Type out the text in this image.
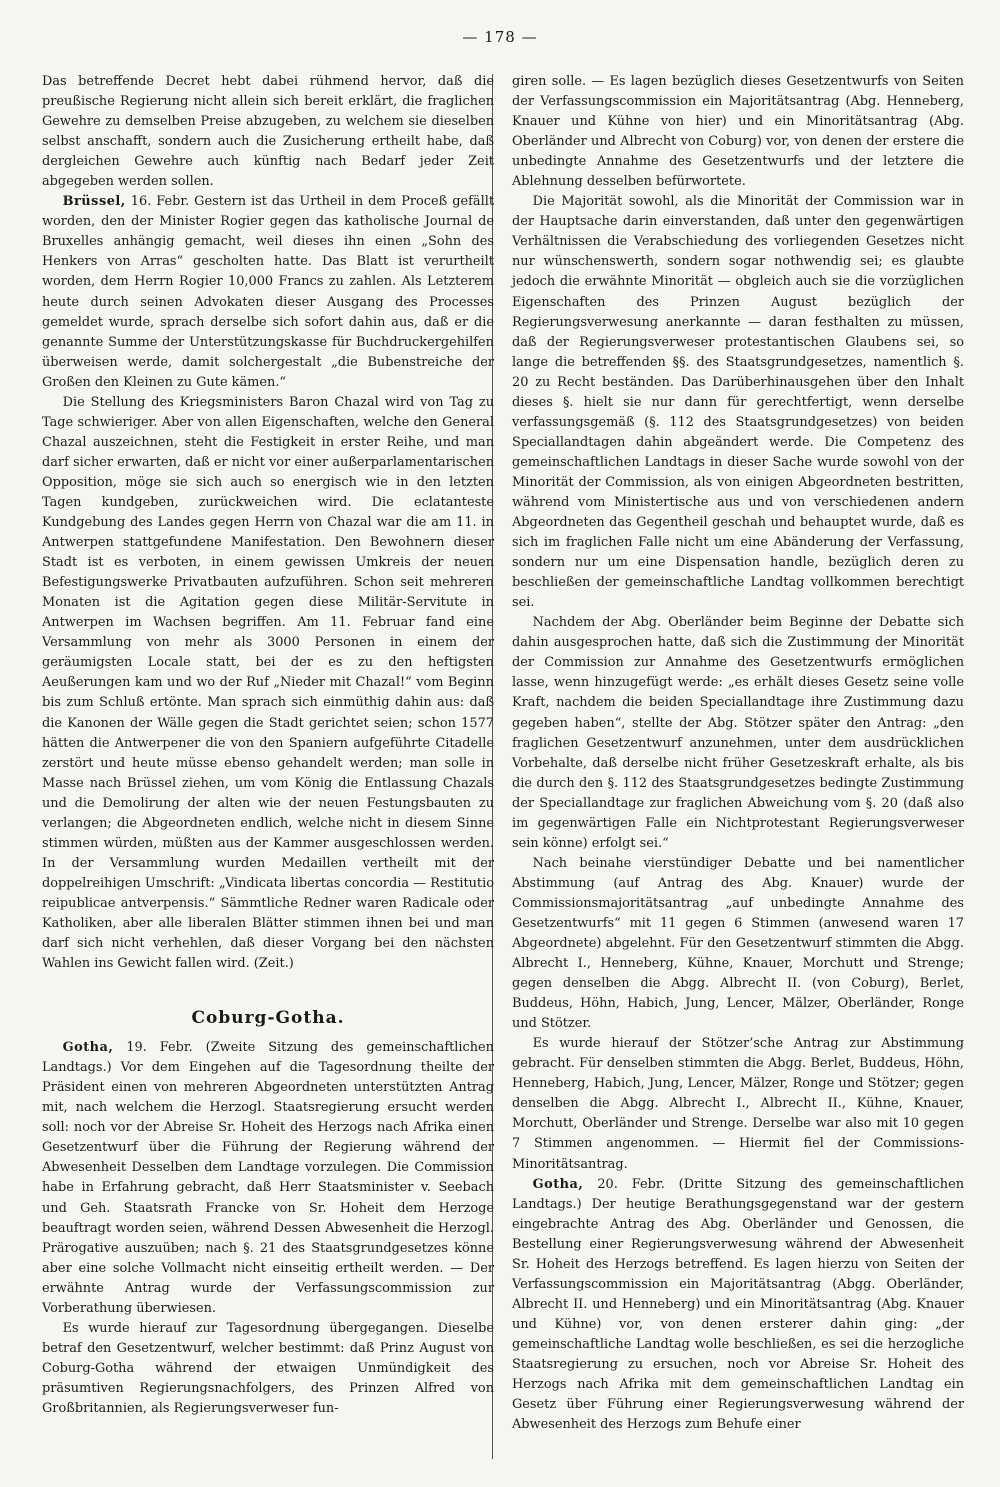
— 178 —

Das betreffende Decret hebt dabei rühmend hervor, daß die preußische Regierung nicht allein sich bereit erklärt, die fraglichen Gewehre zu demselben Preise abzugeben, zu welchem sie dieselben selbst anschafft, sondern auch die Zusicherung ertheilt habe, daß dergleichen Gewehre auch künftig nach Bedarf jeder Zeit abgegeben werden sollen.

Brüssel, 16. Febr. Gestern ist das Urtheil in dem Proceß gefällt worden, den der Minister Rogier gegen das katholische Journal de Bruxelles anhängig gemacht, weil dieses ihn einen „Sohn des Henkers von Arras“ gescholten hatte. Das Blatt ist verurtheilt worden, dem Herrn Rogier 10,000 Francs zu zahlen. Als Letzterem heute durch seinen Advokaten dieser Ausgang des Processes gemeldet wurde, sprach derselbe sich sofort dahin aus, daß er die genannte Summe der Unterstützungskasse für Buchdruckergehilfen überweisen werde, damit solchergestalt „die Bubenstreiche der Großen den Kleinen zu Gute kämen.“

Die Stellung des Kriegsministers Baron Chazal wird von Tag zu Tage schwieriger. Aber von allen Eigenschaften, welche den General Chazal auszeichnen, steht die Festigkeit in erster Reihe, und man darf sicher erwarten, daß er nicht vor einer außerparlamentarischen Opposition, möge sie sich auch so energisch wie in den letzten Tagen kundgeben, zurückweichen wird. Die eclatanteste Kundgebung des Landes gegen Herrn von Chazal war die am 11. in Antwerpen stattgefundene Manifestation. Den Bewohnern dieser Stadt ist es verboten, in einem gewissen Umkreis der neuen Befestigungswerke Privatbauten aufzuführen. Schon seit mehreren Monaten ist die Agitation gegen diese Militär-Servitute in Antwerpen im Wachsen begriffen. Am 11. Februar fand eine Versammlung von mehr als 3000 Personen in einem der geräumigsten Locale statt, bei der es zu den heftigsten Aeußerungen kam und wo der Ruf „Nieder mit Chazal!“ vom Beginn bis zum Schluß ertönte. Man sprach sich einmüthig dahin aus: daß die Kanonen der Wälle gegen die Stadt gerichtet seien; schon 1577 hätten die Antwerpener die von den Spaniern aufgeführte Citadelle zerstört und heute müsse ebenso gehandelt werden; man solle in Masse nach Brüssel ziehen, um vom König die Entlassung Chazals und die Demolirung der alten wie der neuen Festungsbauten zu verlangen; die Abgeordneten endlich, welche nicht in diesem Sinne stimmen würden, müßten aus der Kammer ausgeschlossen werden. In der Versammlung wurden Medaillen vertheilt mit der doppelreihigen Umschrift: „Vindicata libertas concordia — Restitutio reipublicae antverpensis.“ Sämmtliche Redner waren Radicale oder Katholiken, aber alle liberalen Blätter stimmen ihnen bei und man darf sich nicht verhehlen, daß dieser Vorgang bei den nächsten Wahlen ins Gewicht fallen wird. (Zeit.)

Coburg-Gotha.

Gotha, 19. Febr. (Zweite Sitzung des gemeinschaftlichen Landtags.) Vor dem Eingehen auf die Tagesordnung theilte der Präsident einen von mehreren Abgeordneten unterstützten Antrag mit, nach welchem die Herzogl. Staatsregierung ersucht werden soll: noch vor der Abreise Sr. Hoheit des Herzogs nach Afrika einen Gesetzentwurf über die Führung der Regierung während der Abwesenheit Desselben dem Landtage vorzulegen. Die Commission habe in Erfahrung gebracht, daß Herr Staatsminister v. Seebach und Geh. Staatsrath Francke von Sr. Hoheit dem Herzoge beauftragt worden seien, während Dessen Abwesenheit die Herzogl. Prärogative auszuüben; nach §. 21 des Staatsgrundgesetzes könne aber eine solche Vollmacht nicht einseitig ertheilt werden. — Der erwähnte Antrag wurde der Verfassungscommission zur Vorberathung überwiesen.

Es wurde hierauf zur Tagesordnung übergegangen. Dieselbe betraf den Gesetzentwurf, welcher bestimmt: daß Prinz August von Coburg-Gotha während der etwaigen Unmündigkeit des präsumtiven Regierungsnachfolgers, des Prinzen Alfred von Großbritannien, als Regierungsverweser fun-

giren solle. — Es lagen bezüglich dieses Gesetzentwurfs von Seiten der Verfassungscommission ein Majoritätsantrag (Abg. Henneberg, Knauer und Kühne von hier) und ein Minoritätsantrag (Abg. Oberländer und Albrecht von Coburg) vor, von denen der erstere die unbedingte Annahme des Gesetzentwurfs und der letztere die Ablehnung desselben befürwortete.

Die Majorität sowohl, als die Minorität der Commission war in der Hauptsache darin einverstanden, daß unter den gegenwärtigen Verhältnissen die Verabschiedung des vorliegenden Gesetzes nicht nur wünschenswerth, sondern sogar nothwendig sei; es glaubte jedoch die erwähnte Minorität — obgleich auch sie die vorzüglichen Eigenschaften des Prinzen August bezüglich der Regierungsverwesung anerkannte — daran festhalten zu müssen, daß der Regierungsverweser protestantischen Glaubens sei, so lange die betreffenden §§. des Staatsgrundgesetzes, namentlich §. 20 zu Recht beständen. Das Darüberhinausgehen über den Inhalt dieses §. hielt sie nur dann für gerechtfertigt, wenn derselbe verfassungsgemäß (§. 112 des Staatsgrundgesetzes) von beiden Speciallandtagen dahin abgeändert werde. Die Competenz des gemeinschaftlichen Landtags in dieser Sache wurde sowohl von der Minorität der Commission, als von einigen Abgeordneten bestritten, während vom Ministertische aus und von verschiedenen andern Abgeordneten das Gegentheil geschah und behauptet wurde, daß es sich im fraglichen Falle nicht um eine Abänderung der Verfassung, sondern nur um eine Dispensation handle, bezüglich deren zu beschließen der gemeinschaftliche Landtag vollkommen berechtigt sei.

Nachdem der Abg. Oberländer beim Beginne der Debatte sich dahin ausgesprochen hatte, daß sich die Zustimmung der Minorität der Commission zur Annahme des Gesetzentwurfs ermöglichen lasse, wenn hinzugefügt werde: „es erhält dieses Gesetz seine volle Kraft, nachdem die beiden Speciallandtage ihre Zustimmung dazu gegeben haben“, stellte der Abg. Stötzer später den Antrag: „den fraglichen Gesetzentwurf anzunehmen, unter dem ausdrücklichen Vorbehalte, daß derselbe nicht früher Gesetzeskraft erhalte, als bis die durch den §. 112 des Staatsgrundgesetzes bedingte Zustimmung der Speciallandtage zur fraglichen Abweichung vom §. 20 (daß also im gegenwärtigen Falle ein Nichtprotestant Regierungsverweser sein könne) erfolgt sei.“

Nach beinahe vierstündiger Debatte und bei namentlicher Abstimmung (auf Antrag des Abg. Knauer) wurde der Commissionsmajoritätsantrag „auf unbedingte Annahme des Gesetzentwurfs“ mit 11 gegen 6 Stimmen (anwesend waren 17 Abgeordnete) abgelehnt. Für den Gesetzentwurf stimmten die Abgg. Albrecht I., Henneberg, Kühne, Knauer, Morchutt und Strenge; gegen denselben die Abgg. Albrecht II. (von Coburg), Berlet, Buddeus, Höhn, Habich, Jung, Lencer, Mälzer, Oberländer, Ronge und Stötzer.

Es wurde hierauf der Stötzer’sche Antrag zur Abstimmung gebracht. Für denselben stimmten die Abgg. Berlet, Buddeus, Höhn, Henneberg, Habich, Jung, Lencer, Mälzer, Ronge und Stötzer; gegen denselben die Abgg. Albrecht I., Albrecht II., Kühne, Knauer, Morchutt, Oberländer und Strenge. Derselbe war also mit 10 gegen 7 Stimmen angenommen. — Hiermit fiel der Commissions-Minoritätsantrag.

Gotha, 20. Febr. (Dritte Sitzung des gemeinschaftlichen Landtags.) Der heutige Berathungsgegenstand war der gestern eingebrachte Antrag des Abg. Oberländer und Genossen, die Bestellung einer Regierungsverwesung während der Abwesenheit Sr. Hoheit des Herzogs betreffend. Es lagen hierzu von Seiten der Verfassungscommission ein Majoritätsantrag (Abgg. Oberländer, Albrecht II. und Henneberg) und ein Minoritätsantrag (Abg. Knauer und Kühne) vor, von denen ersterer dahin ging: „der gemeinschaftliche Landtag wolle beschließen, es sei die herzogliche Staatsregierung zu ersuchen, noch vor Abreise Sr. Hoheit des Herzogs nach Afrika mit dem gemeinschaftlichen Landtag ein Gesetz über Führung einer Regierungsverwesung während der Abwesenheit des Herzogs zum Behufe einer
